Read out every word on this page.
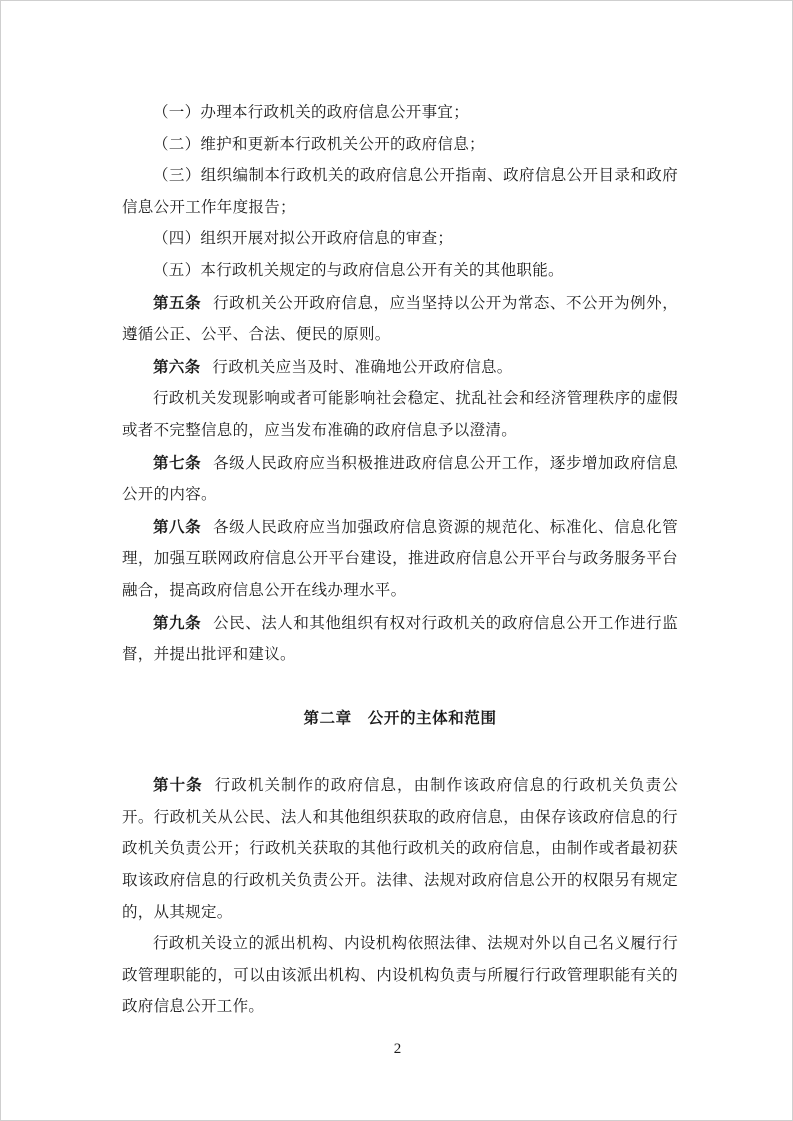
（一）办理本行政机关的政府信息公开事宜；

（二）维护和更新本行政机关公开的政府信息；

（三）组织编制本行政机关的政府信息公开指南、政府信息公开目录和政府信息公开工作年度报告；

（四）组织开展对拟公开政府信息的审查；

（五）本行政机关规定的与政府信息公开有关的其他职能。

第五条 行政机关公开政府信息，应当坚持以公开为常态、不公开为例外，遵循公正、公平、合法、便民的原则。

第六条 行政机关应当及时、准确地公开政府信息。

行政机关发现影响或者可能影响社会稳定、扰乱社会和经济管理秩序的虚假或者不完整信息的，应当发布准确的政府信息予以澄清。

第七条 各级人民政府应当积极推进政府信息公开工作，逐步增加政府信息公开的内容。

第八条 各级人民政府应当加强政府信息资源的规范化、标准化、信息化管理，加强互联网政府信息公开平台建设，推进政府信息公开平台与政务服务平台融合，提高政府信息公开在线办理水平。

第九条 公民、法人和其他组织有权对行政机关的政府信息公开工作进行监督，并提出批评和建议。

第二章 公开的主体和范围

第十条 行政机关制作的政府信息，由制作该政府信息的行政机关负责公开。行政机关从公民、法人和其他组织获取的政府信息，由保存该政府信息的行政机关负责公开；行政机关获取的其他行政机关的政府信息，由制作或者最初获取该政府信息的行政机关负责公开。法律、法规对政府信息公开的权限另有规定的，从其规定。

行政机关设立的派出机构、内设机构依照法律、法规对外以自己名义履行行政管理职能的，可以由该派出机构、内设机构负责与所履行行政管理职能有关的政府信息公开工作。

2
